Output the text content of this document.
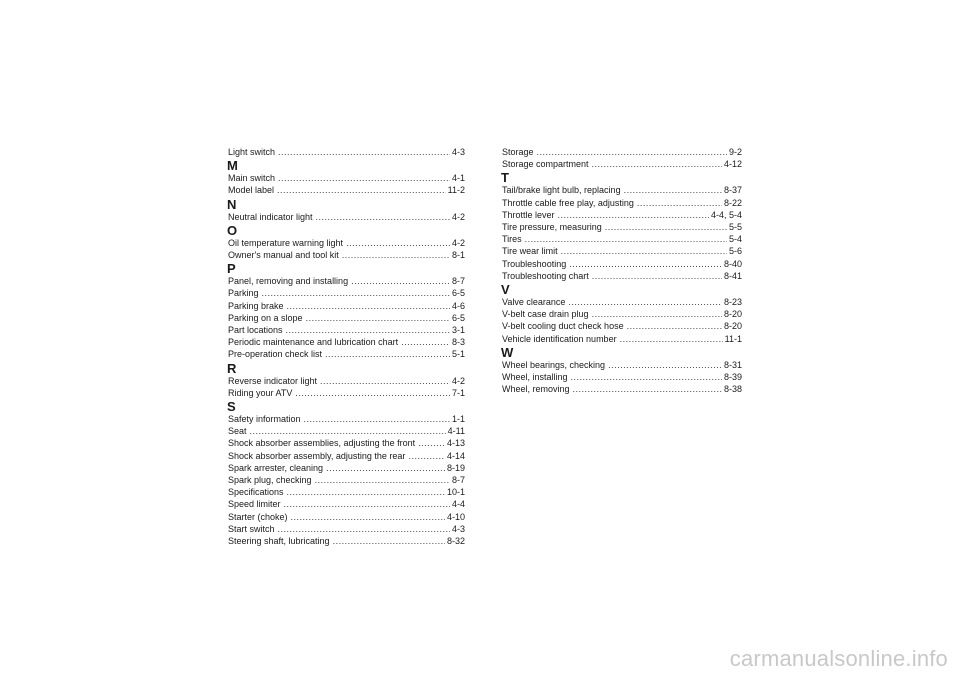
Light switch .....	4-3
M
Main switch .....	4-1
Model label .....	11-2
N
Neutral indicator light .....	4-2
O
Oil temperature warning light .....	4-2
Owner's manual and tool kit .....	8-1
P
Panel, removing and installing .....	8-7
Parking .....	6-5
Parking brake .....	4-6
Parking on a slope .....	6-5
Part locations .....	3-1
Periodic maintenance and lubrication chart .....	8-3
Pre-operation check list .....	5-1
R
Reverse indicator light .....	4-2
Riding your ATV .....	7-1
S
Safety information .....	1-1
Seat .....	4-11
Shock absorber assemblies, adjusting the front .....	4-13
Shock absorber assembly, adjusting the rear .....	4-14
Spark arrester, cleaning .....	8-19
Spark plug, checking .....	8-7
Specifications .....	10-1
Speed limiter .....	4-4
Starter (choke) .....	4-10
Start switch .....	4-3
Steering shaft, lubricating .....	8-32
Storage .....	9-2
Storage compartment .....	4-12
T
Tail/brake light bulb, replacing .....	8-37
Throttle cable free play, adjusting .....	8-22
Throttle lever .....	4-4, 5-4
Tire pressure, measuring .....	5-5
Tires .....	5-4
Tire wear limit .....	5-6
Troubleshooting .....	8-40
Troubleshooting chart .....	8-41
V
Valve clearance .....	8-23
V-belt case drain plug .....	8-20
V-belt cooling duct check hose .....	8-20
Vehicle identification number .....	11-1
W
Wheel bearings, checking .....	8-31
Wheel, installing .....	8-39
Wheel, removing .....	8-38
carmanualsonline.info
